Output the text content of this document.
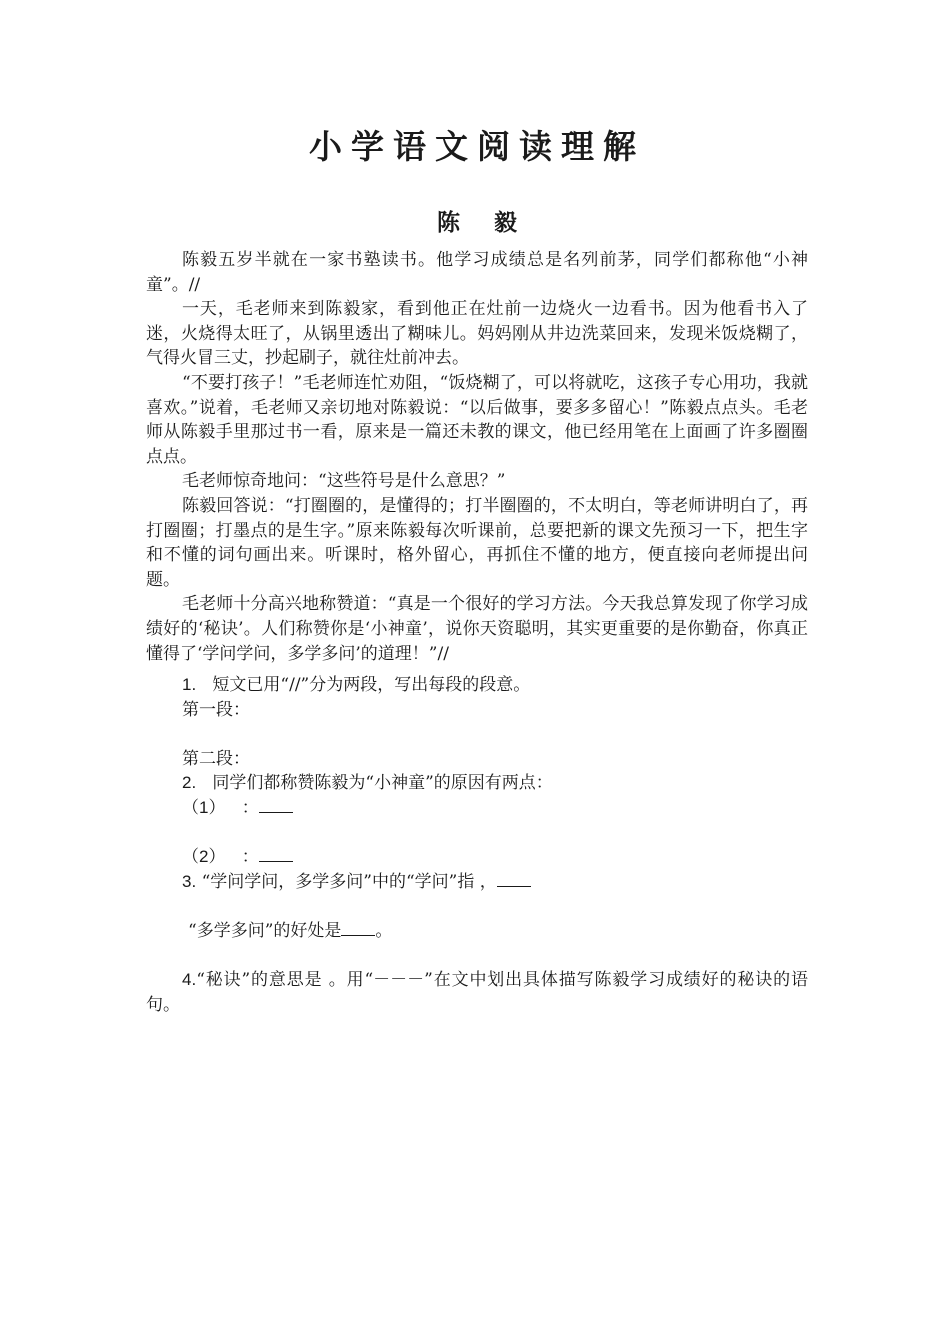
小学语文阅读理解
陈 毅

陈毅五岁半就在一家书塾读书。他学习成绩总是名列前茅，同学们都称他“小神童”。//

一天，毛老师来到陈毅家，看到他正在灶前一边烧火一边看书。因为他看书入了迷，火烧得太旺了，从锅里透出了糊味儿。妈妈刚从井边洗菜回来，发现米饭烧糊了，气得火冒三丈，抄起刷子，就往灶前冲去。

“不要打孩子！”毛老师连忙劝阻，“饭烧糊了，可以将就吃，这孩子专心用功，我就喜欢。”说着，毛老师又亲切地对陈毅说：“以后做事，要多多留心！”陈毅点点头。毛老师从陈毅手里那过书一看，原来是一篇还未教的课文，他已经用笔在上面画了许多圈圈点点。

毛老师惊奇地问：“这些符号是什么意思？”

陈毅回答说：“打圈圈的，是懂得的；打半圈圈的，不太明白，等老师讲明白了，再打圈圈；打墨点的是生字。”原来陈毅每次听课前，总要把新的课文先预习一下，把生字和不懂的词句画出来。听课时，格外留心，再抓住不懂的地方，便直接向老师提出问题。

毛老师十分高兴地称赞道：“真是一个很好的学习方法。今天我总算发现了你学习成绩好的‘秘诀’。人们称赞你是‘小神童’，说你天资聪明，其实更重要的是你勤奋，你真正懂得了‘学问学问，多学多问’的道理！”//

1. 短文已用“//”分为两段，写出每段的段意。

第一段：

第二段：

2. 同学们都称赞陈毅为“小神童”的原因有两点：

（1） ：

（2） ：

3. “学问学问，多学多问”中的“学问”指 ，

“多学多问”的好处是 。

4.“秘诀”的意思是 。用“－－－”在文中划出具体描写陈毅学习成绩好的秘诀的语句。
